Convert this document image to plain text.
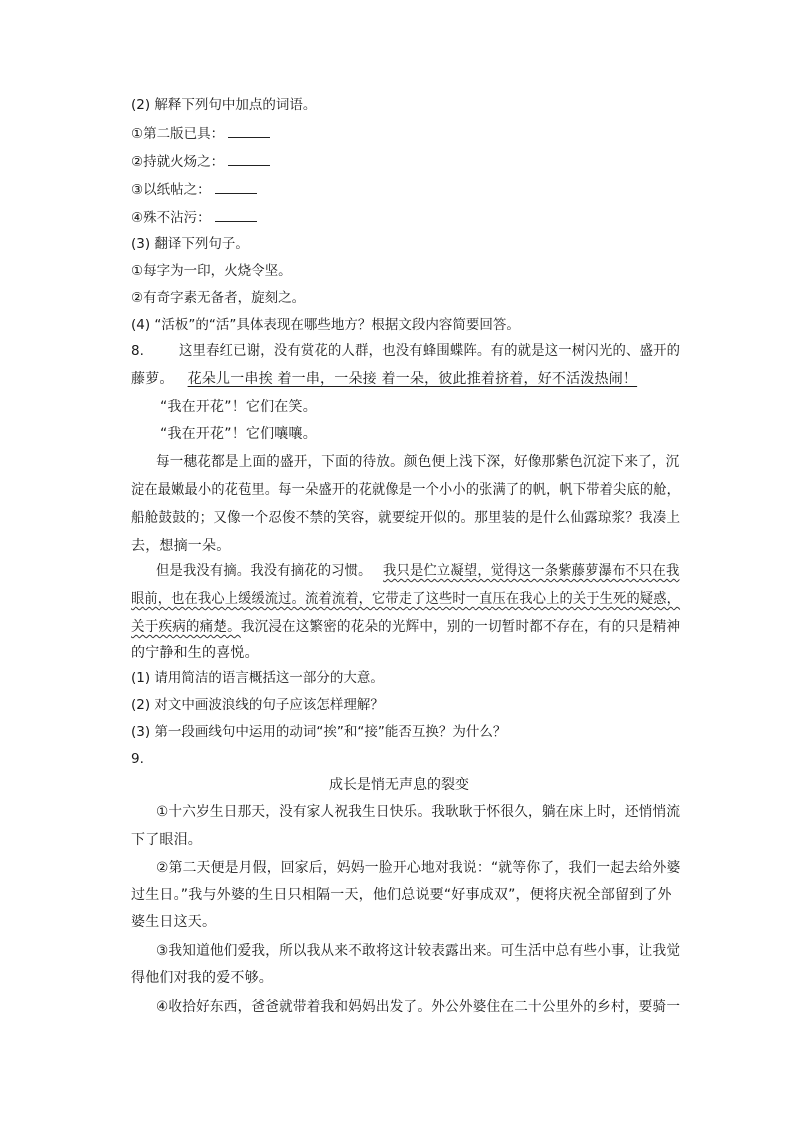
(2) 解释下列句中加点的词语。
①第二版已具：
②持就火炀之：
③以纸帖之：
④殊不沾污：
(3) 翻译下列句子。
①每字为一印，火烧令坚。
②有奇字素无备者，旋刻之。
(4) “活板”的“活”具体表现在哪些地方？根据文段内容简要回答。
8.	这里春红已谢，没有赏花的人群，也没有蜂围蝶阵。有的就是这一树闪光的、盛开的
藤萝。 花朵儿一串挨 着一串，一朵接 着一朵，彼此推着挤着，好不活泼热闹！
“我在开花”！它们在笑。
“我在开花”！它们嚷嚷。
每一穗花都是上面的盛开，下面的待放。颜色便上浅下深，好像那紫色沉淀下来了，沉
淀在最嫩最小的花苞里。每一朵盛开的花就像是一个小小的张满了的帆，帆下带着尖底的舱，
船舱鼓鼓的；又像一个忍俊不禁的笑容，就要绽开似的。那里装的是什么仙露琼浆？我凑上
去，想摘一朵。
但是我没有摘。我没有摘花的习惯。 我只是伫立凝望，觉得这一条紫藤萝瀑布不只在我
眼前，也在我心上缓缓流过。流着流着，它带走了这些时一直压在我心上的关于生死的疑惑，
关于疾病的痛楚。我沉浸在这繁密的花朵的光辉中，别的一切暂时都不存在，有的只是精神
的宁静和生的喜悦。
(1) 请用简洁的语言概括这一部分的大意。
(2) 对文中画波浪线的句子应该怎样理解？
(3) 第一段画线句中运用的动词“挨”和“接”能否互换？为什么？
9.
成长是悄无声息的裂变
①十六岁生日那天，没有家人祝我生日快乐。我耿耿于怀很久，躺在床上时，还悄悄流
下了眼泪。
②第二天便是月假，回家后，妈妈一脸开心地对我说：“就等你了，我们一起去给外婆
过生日。”我与外婆的生日只相隔一天，他们总说要“好事成双”，便将庆祝全部留到了外
婆生日这天。
③我知道他们爱我，所以我从来不敢将这计较表露出来。可生活中总有些小事，让我觉
得他们对我的爱不够。
④收拾好东西，爸爸就带着我和妈妈出发了。外公外婆住在二十公里外的乡村，要骑一
